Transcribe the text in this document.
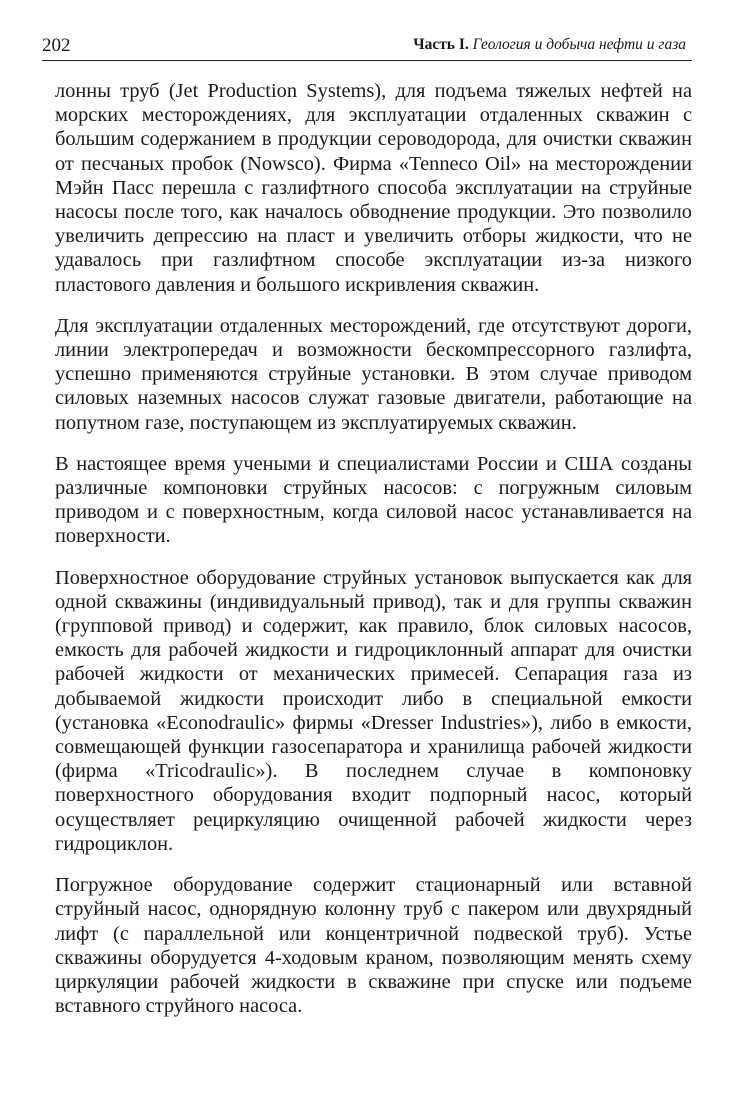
202	Часть I. Геология и добыча нефти и газа

лонны труб (Jet Production Systems), для подъема тяжелых нефтей на морских месторождениях, для эксплуатации отдаленных скважин с большим содержанием в продукции сероводорода, для очистки скважин от песчаных пробок (Nowsco). Фирма «Tennеco Oil» на месторождении Мэйн Пасс перешла с газлифтного способа эксплуатации на струйные насосы после того, как началось обводнение продукции. Это позволило увеличить депрессию на пласт и увеличить отборы жидкости, что не удавалось при газлифтном способе эксплуатации из-за низкого пластового давления и большого искривления скважин.

Для эксплуатации отдаленных месторождений, где отсутствуют дороги, линии электропередач и возможности бескомпрессорного газлифта, успешно применяются струйные установки. В этом случае приводом силовых наземных насосов служат газовые двигатели, работающие на попутном газе, поступающем из эксплуатируемых скважин.

В настоящее время учеными и специалистами России и США созданы различные компоновки струйных насосов: с погружным силовым приводом и с поверхностным, когда силовой насос устанавливается на поверхности.

Поверхностное оборудование струйных установок выпускается как для одной скважины (индивидуальный привод), так и для группы скважин (групповой привод) и содержит, как правило, блок силовых насосов, емкость для рабочей жидкости и гидроциклонный аппарат для очистки рабочей жидкости от механических примесей. Сепарация газа из добываемой жидкости происходит либо в специальной емкости (установка «Econodraulic» фирмы «Dresser Industries»), либо в емкости, совмещающей функции газосепаратора и хранилища рабочей жидкости (фирма «Tricodraulic»). В последнем случае в компоновку поверхностного оборудования входит подпорный насос, который осуществляет рециркуляцию очищенной рабочей жидкости через гидроциклон.

Погружное оборудование содержит стационарный или вставной струйный насос, однорядную колонну труб с пакером или двухрядный лифт (с параллельной или концентричной подвеской труб). Устье скважины оборудуется 4-ходовым краном, позволяющим менять схему циркуляции рабочей жидкости в скважине при спуске или подъеме вставного струйного насоса.
